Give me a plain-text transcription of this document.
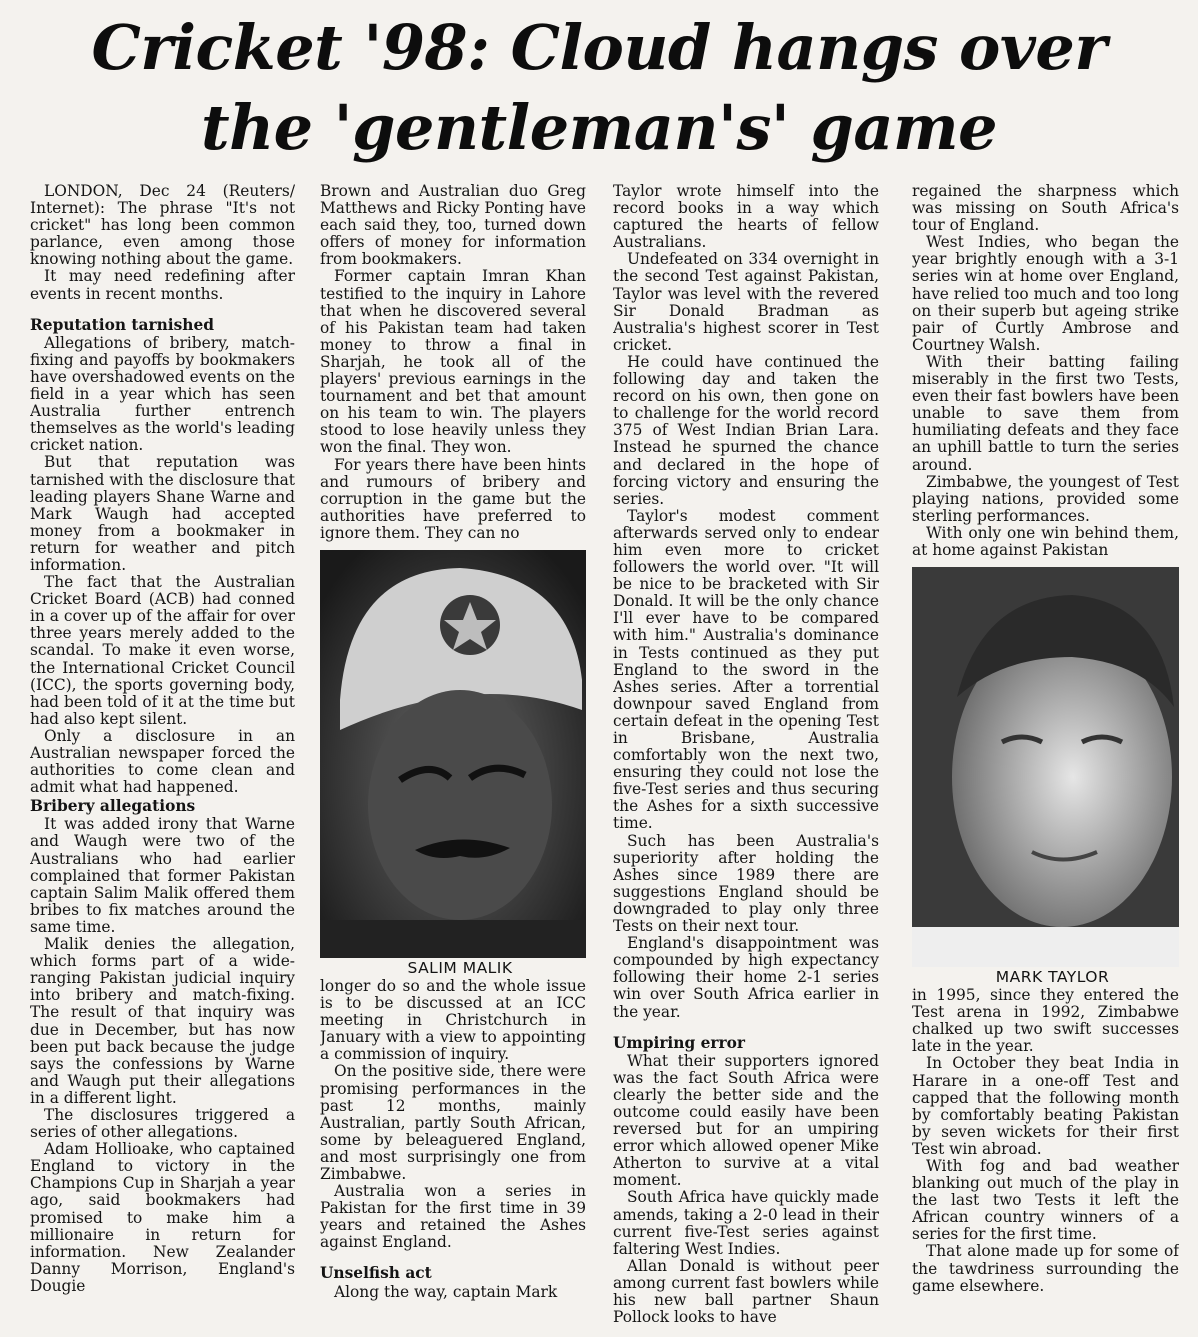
Cricket '98: Cloud hangs over
the 'gentleman's' game

LONDON, Dec 24 (Reuters/ Internet): The phrase "It's not cricket" has long been common parlance, even among those knowing nothing about the game.

It may need redefining after events in recent months.

Reputation tarnished

Allegations of bribery, match-fixing and payoffs by bookmakers have overshadowed events on the field in a year which has seen Australia further entrench themselves as the world's leading cricket nation.

But that reputation was tarnished with the disclosure that leading players Shane Warne and Mark Waugh had accepted money from a bookmaker in return for weather and pitch information.

The fact that the Australian Cricket Board (ACB) had conned in a cover up of the affair for over three years merely added to the scandal. To make it even worse, the International Cricket Council (ICC), the sports governing body, had been told of it at the time but had also kept silent.

Only a disclosure in an Australian newspaper forced the authorities to come clean and admit what had happened.

Bribery allegations

It was added irony that Warne and Waugh were two of the Australians who had earlier complained that former Pakistan captain Salim Malik offered them bribes to fix matches around the same time.

Malik denies the allegation, which forms part of a wide-ranging Pakistan judicial inquiry into bribery and match-fixing. The result of that inquiry was due in December, but has now been put back because the judge says the confessions by Warne and Waugh put their allegations in a different light.

The disclosures triggered a series of other allegations.

Adam Hollioake, who captained England to victory in the Champions Cup in Sharjah a year ago, said bookmakers had promised to make him a millionaire in return for information. New Zealander Danny Morrison, England's Dougie

Brown and Australian duo Greg Matthews and Ricky Ponting have each said they, too, turned down offers of money for information from bookmakers.

Former captain Imran Khan testified to the inquiry in Lahore that when he discovered several of his Pakistan team had taken money to throw a final in Sharjah, he took all of the players' previous earnings in the tournament and bet that amount on his team to win. The players stood to lose heavily unless they won the final. They won.

For years there have been hints and rumours of bribery and corruption in the game but the authorities have preferred to ignore them. They can no

SALIM MALIK

longer do so and the whole issue is to be discussed at an ICC meeting in Christchurch in January with a view to appointing a commission of inquiry.

On the positive side, there were promising performances in the past 12 months, mainly Australian, partly South African, some by beleaguered England, and most surprisingly one from Zimbabwe.

Australia won a series in Pakistan for the first time in 39 years and retained the Ashes against England.

Unselfish act

Along the way, captain Mark

Taylor wrote himself into the record books in a way which captured the hearts of fellow Australians.

Undefeated on 334 overnight in the second Test against Pakistan, Taylor was level with the revered Sir Donald Bradman as Australia's highest scorer in Test cricket.

He could have continued the following day and taken the record on his own, then gone on to challenge for the world record 375 of West Indian Brian Lara. Instead he spurned the chance and declared in the hope of forcing victory and ensuring the series.

Taylor's modest comment afterwards served only to endear him even more to cricket followers the world over. "It will be nice to be bracketed with Sir Donald. It will be the only chance I'll ever have to be compared with him." Australia's dominance in Tests continued as they put England to the sword in the Ashes series. After a torrential downpour saved England from certain defeat in the opening Test in Brisbane, Australia comfortably won the next two, ensuring they could not lose the five-Test series and thus securing the Ashes for a sixth successive time.

Such has been Australia's superiority after holding the Ashes since 1989 there are suggestions England should be downgraded to play only three Tests on their next tour.

England's disappointment was compounded by high expectancy following their home 2-1 series win over South Africa earlier in the year.

Umpiring error

What their supporters ignored was the fact South Africa were clearly the better side and the outcome could easily have been reversed but for an umpiring error which allowed opener Mike Atherton to survive at a vital moment.

South Africa have quickly made amends, taking a 2-0 lead in their current five-Test series against faltering West Indies.

Allan Donald is without peer among current fast bowlers while his new ball partner Shaun Pollock looks to have

regained the sharpness which was missing on South Africa's tour of England.

West Indies, who began the year brightly enough with a 3-1 series win at home over England, have relied too much and too long on their superb but ageing strike pair of Curtly Ambrose and Courtney Walsh.

With their batting failing miserably in the first two Tests, even their fast bowlers have been unable to save them from humiliating defeats and they face an uphill battle to turn the series around.

Zimbabwe, the youngest of Test playing nations, provided some sterling performances.

With only one win behind them, at home against Pakistan

MARK TAYLOR

in 1995, since they entered the Test arena in 1992, Zimbabwe chalked up two swift successes late in the year.

In October they beat India in Harare in a one-off Test and capped that the following month by comfortably beating Pakistan by seven wickets for their first Test win abroad.

With fog and bad weather blanking out much of the play in the last two Tests it left the African country winners of a series for the first time.

That alone made up for some of the tawdriness surrounding the game elsewhere.
